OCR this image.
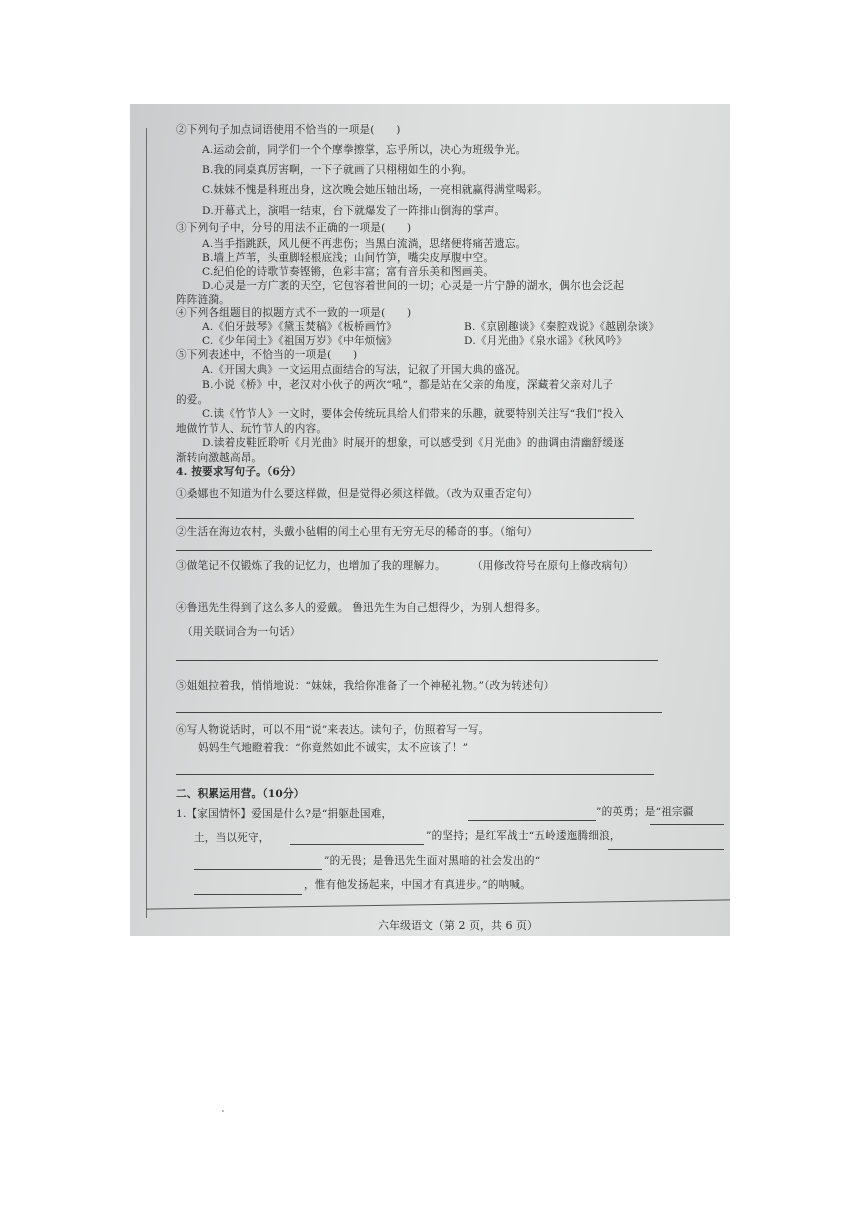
②下列句子加点词语使用不恰当的一项是(　　)
A.运动会前，同学们一个个摩拳擦掌，忘乎所以，决心为班级争光。
B.我的同桌真厉害啊，一下子就画了只栩栩如生的小狗。
C.妹妹不愧是科班出身，这次晚会她压轴出场，一亮相就赢得满堂喝彩。
D.开幕式上，演唱一结束，台下就爆发了一阵排山倒海的掌声。
③下列句子中，分号的用法不正确的一项是(　　)
A.当手指跳跃，风儿便不再悲伤；当黑白流淌，思绪便将痛苦遗忘。
B.墙上芦苇，头重脚轻根底浅；山间竹笋，嘴尖皮厚腹中空。
C.纪伯伦的诗歌节奏铿锵，色彩丰富；富有音乐美和图画美。
D.心灵是一方广袤的天空，它包容着世间的一切；心灵是一片宁静的湖水，偶尔也会泛起
阵阵涟漪。
④下列各组题目的拟题方式不一致的一项是(　　)
A.《伯牙鼓琴》《黛玉焚稿》《板桥画竹》	B.《京剧趣谈》《秦腔戏说》《越剧杂谈》
C.《少年闰土》《祖国万岁》《中年烦恼》	D.《月光曲》《泉水谣》《秋风吟》
⑤下列表述中，不恰当的一项是(　　)
A.《开国大典》一文运用点面结合的写法，记叙了开国大典的盛况。
B.小说《桥》中，老汉对小伙子的两次“吼”，都是站在父亲的角度，深藏着父亲对儿子
的爱。
C.读《竹节人》一文时，要体会传统玩具给人们带来的乐趣，就要特别关注写“我们”投入
地做竹节人、玩竹节人的内容。
D.读着皮鞋匠聆听《月光曲》时展开的想象，可以感受到《月光曲》的曲调由清幽舒缓逐
渐转向激越高昂。
4. 按要求写句子。（6分）
①桑娜也不知道为什么要这样做，但是觉得必须这样做。（改为双重否定句）
②生活在海边农村，头戴小毡帽的闰土心里有无穷无尽的稀奇的事。（缩句）
③做笔记不仅锻炼了我的记忆力，也增加了我的理解力。 （用修改符号在原句上修改病句）
④鲁迅先生得到了这么多人的爱戴。 鲁迅先生为自己想得少，为别人想得多。
（用关联词合为一句话）
⑤姐姐拉着我，悄悄地说：“妹妹，我给你准备了一个神秘礼物。”（改为转述句）
⑥写人物说话时，可以不用“说”来表达。读句子，仿照着写一写。
妈妈生气地瞪着我：“你竟然如此不诚实，太不应该了！”
二、积累运用营。（10分）
1.【家国情怀】爱国是什么?是“捐躯赴国难，	”的英勇；是“祖宗疆
土，当以死守，	”的坚持；是红军战士“五岭逶迤腾细浪，
”的无畏；是鲁迅先生面对黑暗的社会发出的“
，惟有他发扬起来，中国才有真进步。”的呐喊。
六年级语文（第 2 页，共 6 页）
